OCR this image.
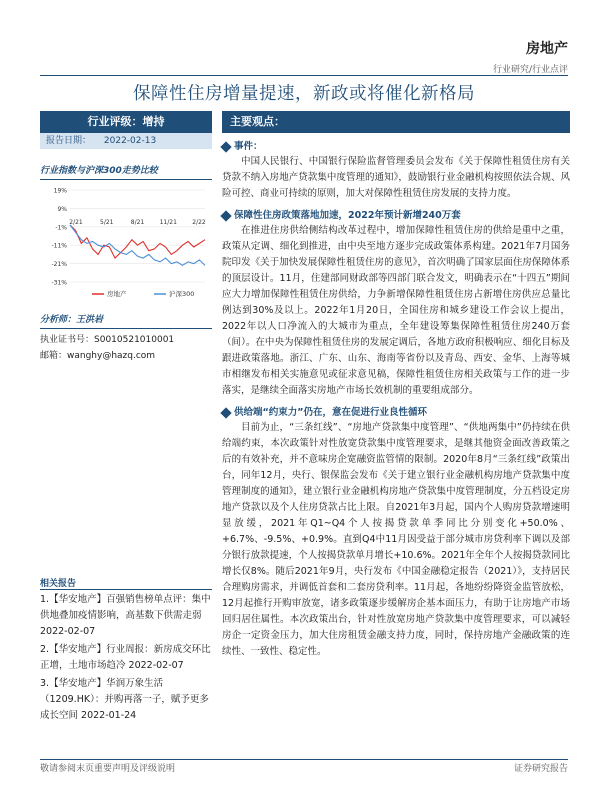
房地产
行业研究/行业点评
保障性住房增量提速，新政或将催化新格局
行业评级：增持
报告日期： 2022-02-13
行业指数与沪深300走势比较
19%
9%
-1%
-11%
-21%
-31%
2/21	5/21	8/21	11/21	2/22
房地产	沪深300
分析师：王洪岩
执业证书号：S0010521010001
邮箱：wanghy@hazq.com
相关报告
1.【华安地产】百强销售榜单点评：集中供地叠加疫情影响，高基数下供需走弱 2022-02-07
2.【华安地产】行业周报：新房成交环比正增，土地市场趋冷 2022-02-07
3.【华安地产】华润万象生活（1209.HK）：并购再落一子，赋予更多成长空间 2022-01-24
主要观点：
事件：
中国人民银行、中国银行保险监督管理委员会发布《关于保障性租赁住房有关贷款不纳入房地产贷款集中度管理的通知》，鼓励银行业金融机构按照依法合规、风险可控、商业可持续的原则，加大对保障性租赁住房发展的支持力度。
保障性住房政策落地加速，2022年预计新增240万套
在推进住房供给侧结构改革过程中，增加保障性租赁住房的供给是重中之重，政策从定调、细化到推进，由中央至地方逐步完成政策体系构建。2021年7月国务院印发《关于加快发展保障性租赁住房的意见》，首次明确了国家层面住房保障体系的顶层设计。11月，住建部同财政部等四部门联合发文，明确表示在“十四五”期间应大力增加保障性租赁住房供给，力争新增保障性租赁住房占新增住房供应总量比例达到30%及以上。2022年1月20日，全国住房和城乡建设工作会议上提出，2022年以人口净流入的大城市为重点，全年建设筹集保障性租赁住房240万套（间）。在中央为保障性租赁住房的发展定调后，各地方政府积极响应、细化目标及跟进政策落地。浙江、广东、山东、海南等省份以及青岛、西安、金华、上海等城市相继发布相关实施意见或征求意见稿，保障性租赁住房相关政策与工作的进一步落实，是继续全面落实房地产市场长效机制的重要组成部分。
供给端“约束力”仍在，意在促进行业良性循环
目前为止，“三条红线”、“房地产贷款集中度管理”、“供地两集中”仍持续在供给端约束，本次政策针对性放宽贷款集中度管理要求，是继其他资金面改善政策之后的有效补充，并不意味房企宽融资监管情的限制。2020年8月“三条红线”政策出台，同年12月，央行、银保监会发布《关于建立银行业金融机构房地产贷款集中度管理制度的通知》，建立银行业金融机构房地产贷款集中度管理制度，分五档设定房地产贷款以及个人住房贷款占比上限。自2021年3月起，国内个人购房贷款增速明显放缓，2021年Q1~Q4个人按揭贷款单季同比分别变化+50.0%、+6.7%、-9.5%、+0.9%。直到Q4中11月因受益于部分城市房贷利率下调以及部分银行放款提速，个人按揭贷款单月增长+10.6%。2021年全年个人按揭贷款同比增长仅8%。随后2021年9月，央行发布《中国金融稳定报告（2021）》，支持居民合理购房需求，并调低首套和二套房贷利率。11月起，各地纷纷降资金监管放松，12月起推行开购审放宽，诸多政策逐步缓解房企基本面压力，有助于让房地产市场回归居住属性。本次政策出台，针对性放宽房地产贷款集中度管理要求，可以减轻房企一定资金压力，加大住房租赁金融支持力度，同时，保持房地产金融政策的连续性、一致性、稳定性。
敬请参阅末页重要声明及评级说明	证券研究报告
